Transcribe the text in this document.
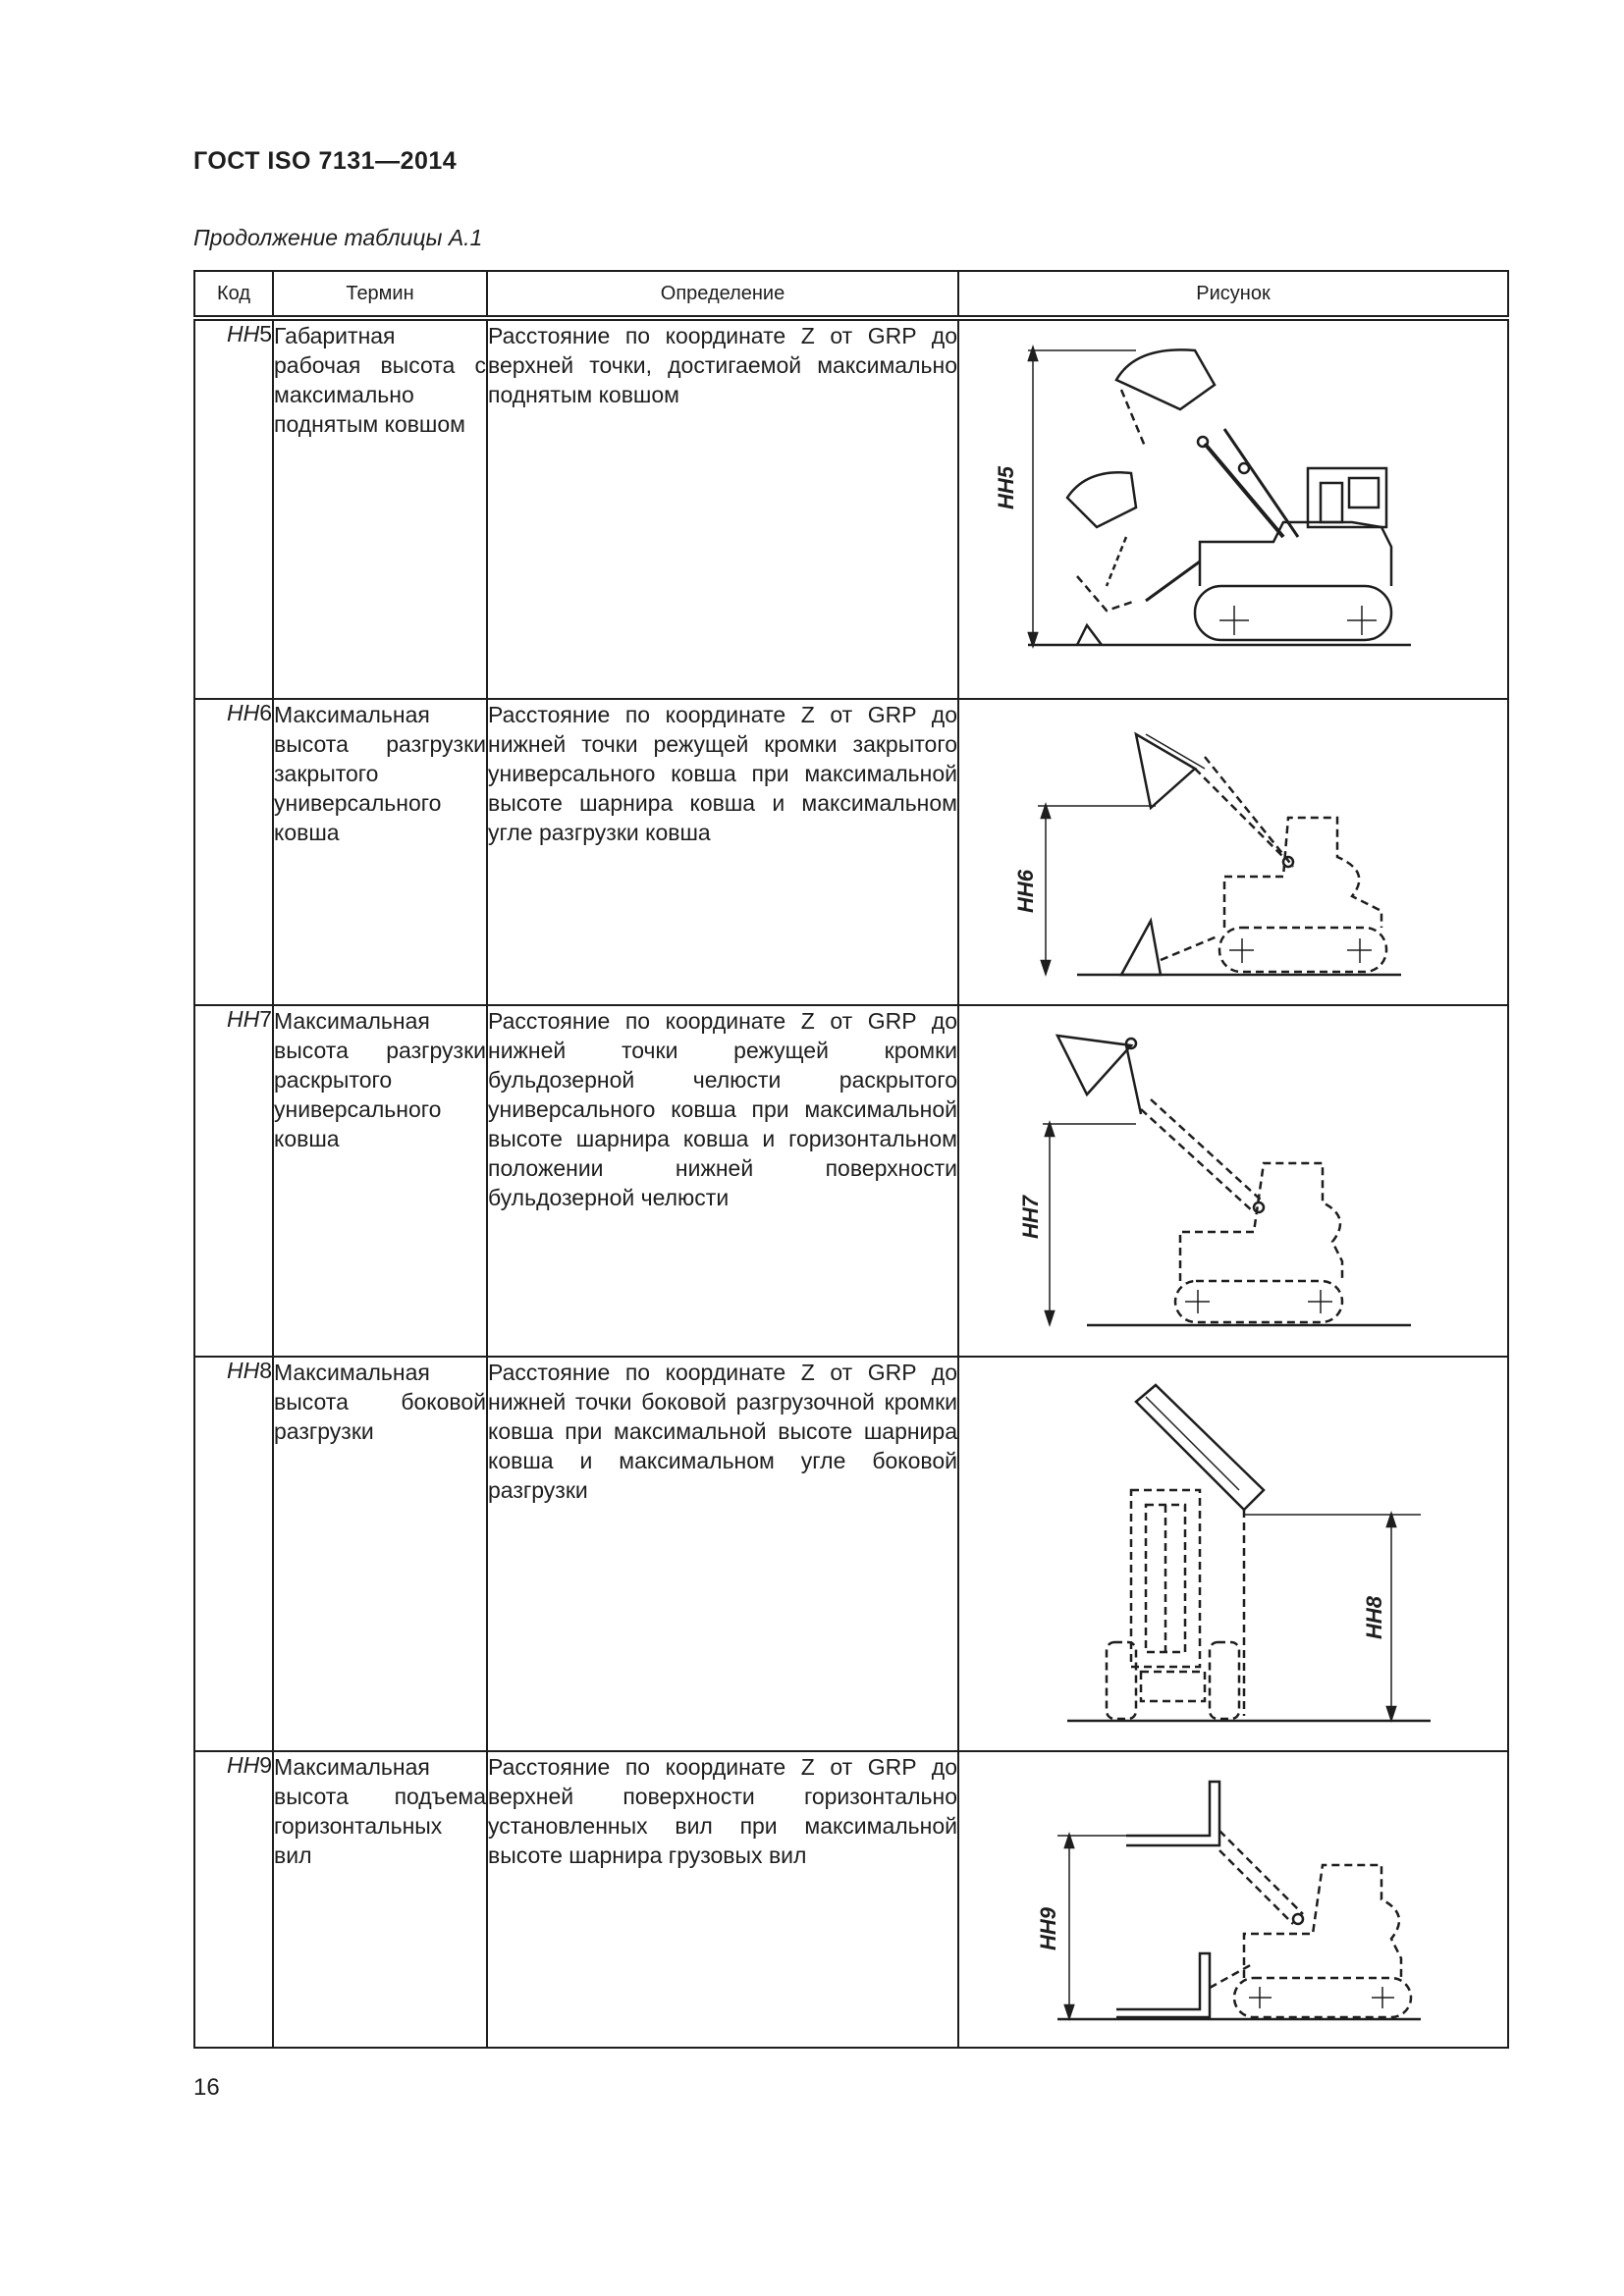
ГОСТ ISO 7131—2014
Продолжение таблицы А.1
Код	Термин	Определение	Рисунок
HH5	Габаритная рабочая высота с максимально поднятым ковшом	Расстояние по координате Z от GRP до верхней точки, достигаемой максимально поднятым ковшом	HH5

HH6	Максимальная высота разгрузки закрытого универсального ковша	Расстояние по координате Z от GRP до нижней точки режущей кромки закрытого универсального ковша при максимальной высоте шарнира ковша и максимальном угле разгрузки ковша	HH6

HH7	Максимальная высота разгрузки раскрытого универсального ковша	Расстояние по координате Z от GRP до нижней точки режущей кромки бульдозерной челюсти раскрытого универсального ковша при максимальной высоте шарнира ковша и горизонтальном положении нижней поверхности бульдозерной челюсти	HH7

HH8	Максимальная высота боковой разгрузки	Расстояние по координате Z от GRP до нижней точки боковой разгрузочной кромки ковша при максимальной высоте шарнира ковша и максимальном угле боковой разгрузки	HH8

HH9	Максимальная высота подъема горизонтальных вил	Расстояние по координате Z от GRP до верхней поверхности горизонтально установленных вил при максимальной высоте шарнира грузовых вил	HH9
16
